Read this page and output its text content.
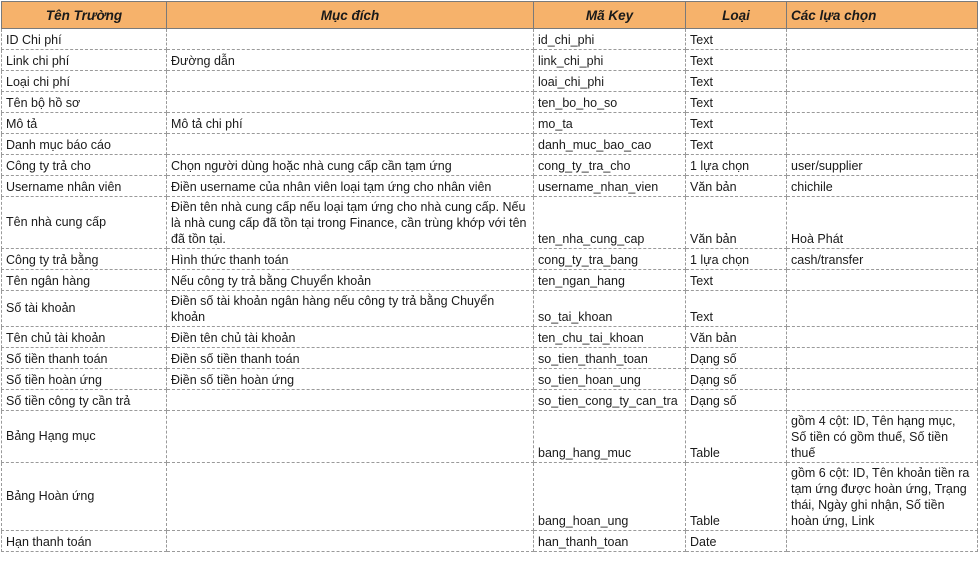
Tên Trường	Mục đích	Mã Key	Loại	Các lựa chọn
ID Chi phí		id_chi_phi	Text	
Link chi phí	Đường dẫn	link_chi_phi	Text	
Loại chi phí		loai_chi_phi	Text	
Tên bộ hồ sơ		ten_bo_ho_so	Text	
Mô tả	Mô tả chi phí	mo_ta	Text	
Danh mục báo cáo		danh_muc_bao_cao	Text	
Công ty trả cho	Chọn người dùng hoặc nhà cung cấp cần tạm ứng	cong_ty_tra_cho	1 lựa chọn	user/supplier
Username nhân viên	Điền username của nhân viên loại tạm ứng cho nhân viên	username_nhan_vien	Văn bản	chichile
Tên nhà cung cấp	Điền tên nhà cung cấp nếu loại tạm ứng cho nhà cung cấp. Nếu là nhà cung cấp đã tồn tại trong Finance, cần trùng khớp với tên đã tồn tại.	ten_nha_cung_cap	Văn bản	Hoà Phát
Công ty trả bằng	Hình thức thanh toán	cong_ty_tra_bang	1 lựa chọn	cash/transfer
Tên ngân hàng	Nếu công ty trả bằng Chuyển khoản	ten_ngan_hang	Text	
Số tài khoản	Điền số tài khoản ngân hàng nếu công ty trả bằng Chuyển khoản	so_tai_khoan	Text	
Tên chủ tài khoản	Điền tên chủ tài khoản	ten_chu_tai_khoan	Văn bản	
Số tiền thanh toán	Điền số tiền thanh toán	so_tien_thanh_toan	Dạng số	
Số tiền hoàn ứng	Điền số tiền hoàn ứng	so_tien_hoan_ung	Dạng số	
Số tiền công ty cần trả		so_tien_cong_ty_can_tra	Dạng số	
Bảng Hạng mục		bang_hang_muc	Table	gồm 4 cột: ID, Tên hạng mục, Số tiền có gồm thuế, Số tiền thuế
Bảng Hoàn ứng		bang_hoan_ung	Table	gồm 6 cột: ID, Tên khoản tiền ra tạm ứng được hoàn ứng, Trạng thái, Ngày ghi nhận, Số tiền hoàn ứng, Link
Hạn thanh toán		han_thanh_toan	Date	
